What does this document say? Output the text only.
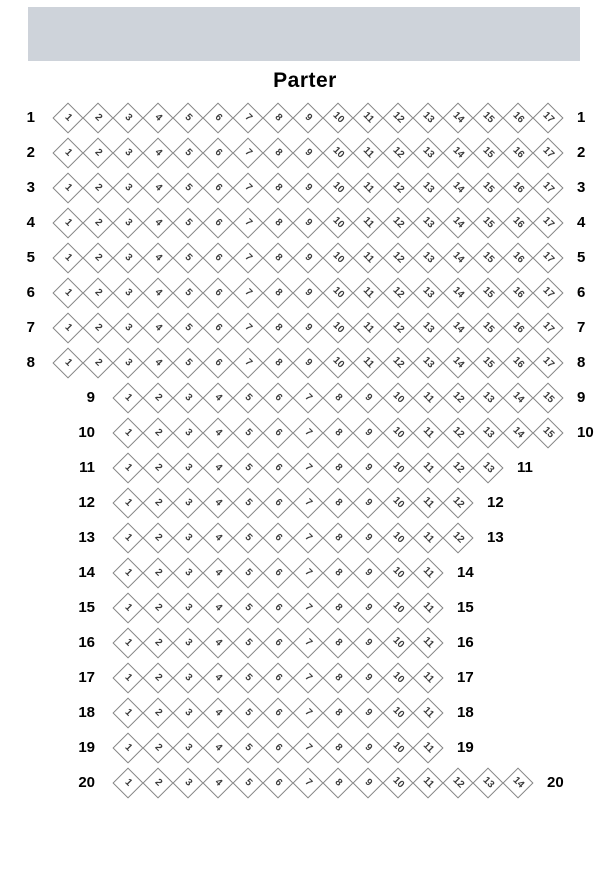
Parter
1	1 2 3 4 5 6 7 8 9 10 11 12 13 14 15 16 17 1
2	1 2 3 4 5 6 7 8 9 10 11 12 13 14 15 16 17 2
3	1 2 3 4 5 6 7 8 9 10 11 12 13 14 15 16 17 3
4	1 2 3 4 5 6 7 8 9 10 11 12 13 14 15 16 17 4
5	1 2 3 4 5 6 7 8 9 10 11 12 13 14 15 16 17 5
6	1 2 3 4 5 6 7 8 9 10 11 12 13 14 15 16 17 6
7	1 2 3 4 5 6 7 8 9 10 11 12 13 14 15 16 17 7
8	1 2 3 4 5 6 7 8 9 10 11 12 13 14 15 16 17 8
9	1 2 3 4 5 6 7 8 9 10 11 12 13 14 15 9
10	1 2 3 4 5 6 7 8 9 10 11 12 13 14 15 10
11	1 2 3 4 5 6 7 8 9 10 11 12 13 11
12	1 2 3 4 5 6 7 8 9 10 11 12 12
13	1 2 3 4 5 6 7 8 9 10 11 12 13
14	1 2 3 4 5 6 7 8 9 10 11 14
15	1 2 3 4 5 6 7 8 9 10 11 15
16	1 2 3 4 5 6 7 8 9 10 11 16
17	1 2 3 4 5 6 7 8 9 10 11 17
18	1 2 3 4 5 6 7 8 9 10 11 18
19	1 2 3 4 5 6 7 8 9 10 11 19
20	1 2 3 4 5 6 7 8 9 10 11 12 13 14 20
